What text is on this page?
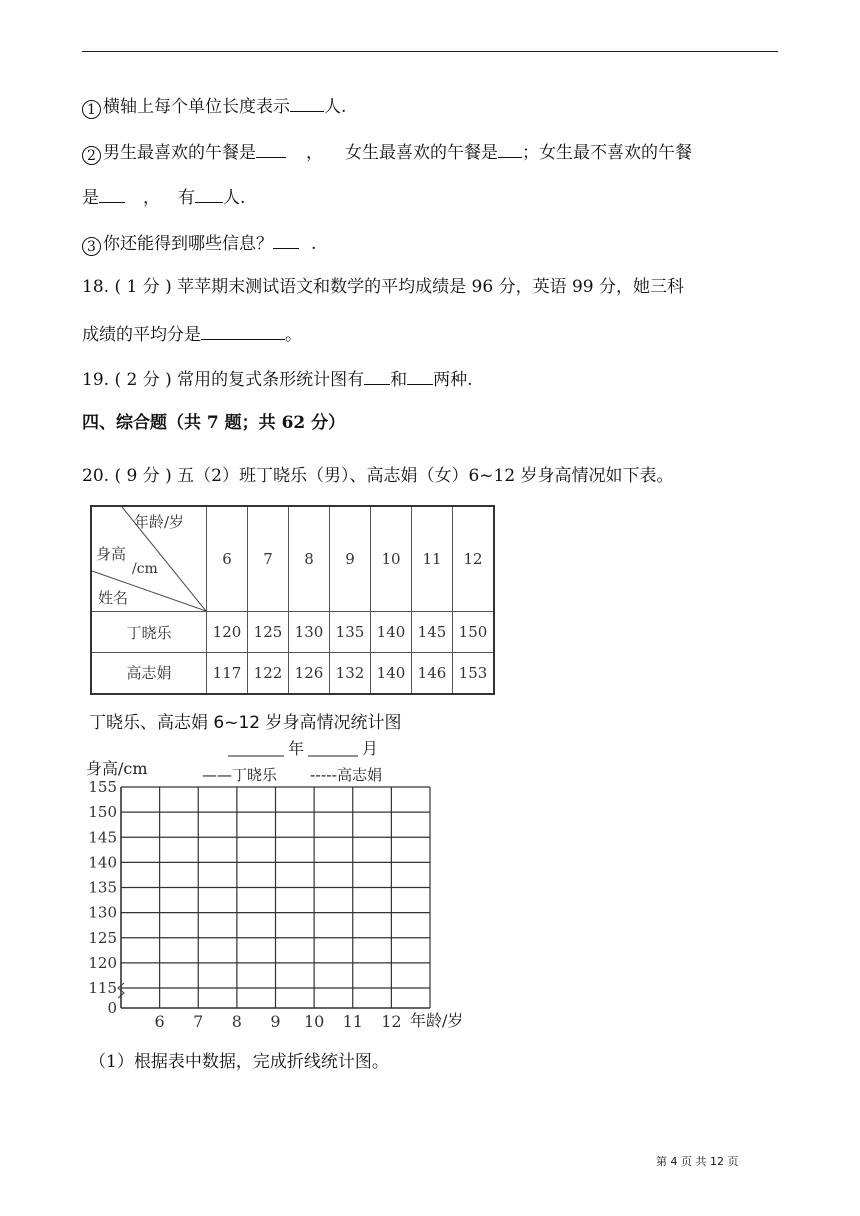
1 横轴上每个单位长度表示 人.
2 男生最喜欢的午餐是	， 女生最喜欢的午餐是 ；女生最不喜欢的午餐
是	， 有 人.
3 你还能得到哪些信息？ .
18. ( 1 分 ) 苹苹期末测试语文和数学的平均成绩是 96 分，英语 99 分，她三科
成绩的平均分是	。
19. ( 2 分 ) 常用的复式条形统计图有 和 两种.
四、综合题（共 7 题；共 62 分）
20. ( 9 分 ) 五（2）班丁晓乐（男）、高志娟（女）6~12 岁身高情况如下表。
年龄/岁
身高
/cm
姓名	6	7	8	9	10	11	12
丁晓乐	120	125	130	135	140	145	150
高志娟	117	122	126	132	140	146	153
丁晓乐、高志娟 6~12 岁身高情况统计图
115
120
125
130
135
140
145
150
155
0
6 7 8 9 10 11 12
年	月
身高/cm	——丁晓乐 -----高志娟
年龄/岁
（1）根据表中数据，完成折线统计图。
第 4 页 共 12 页
